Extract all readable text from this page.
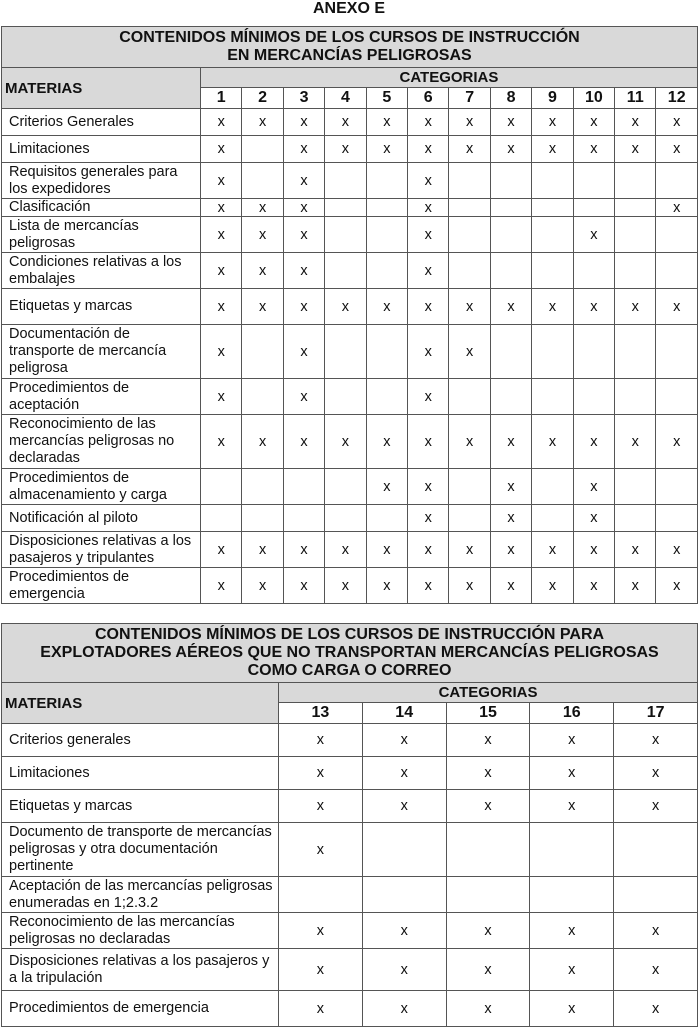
ANEXO E
CONTENIDOS MÍNIMOS DE LOS CURSOS DE INSTRUCCIÓN
EN MERCANCÍAS PELIGROSAS												

MATERIAS	CATEGORIAS											
	1	2	3	4	5	6	7	8	9	10	11	12
Criterios Generales	x	x	x	x	x	x	x	x	x	x	x	x
Limitaciones	x		x	x	x	x	x	x	x	x	x	x
Requisitos generales para los expedidores	x		x			x						
Clasificación	x	x	x			x						x
Lista de mercancías peligrosas	x	x	x			x				x		
Condiciones relativas a los embalajes	x	x	x			x						
Etiquetas y marcas	x	x	x	x	x	x	x	x	x	x	x	x
Documentación de transporte de mercancía peligrosa	x		x			x	x					
Procedimientos de aceptación	x		x			x						
Reconocimiento de las mercancías peligrosas no declaradas	x	x	x	x	x	x	x	x	x	x	x	x
Procedimientos de almacenamiento y carga					x	x		x		x		
Notificación al piloto						x		x		x		
Disposiciones relativas a los pasajeros y tripulantes	x	x	x	x	x	x	x	x	x	x	x	x
Procedimientos de emergencia	x	x	x	x	x	x	x	x	x	x	x	x
CONTENIDOS MÍNIMOS DE LOS CURSOS DE INSTRUCCIÓN PARA
EXPLOTADORES AÉREOS QUE NO TRANSPORTAN MERCANCÍAS PELIGROSAS
COMO CARGA O CORREO					

MATERIAS	CATEGORIAS				
	13	14	15	16	17
Criterios generales	x	x	x	x	x
Limitaciones	x	x	x	x	x
Etiquetas y marcas	x	x	x	x	x
Documento de transporte de mercancías peligrosas y otra documentación pertinente	x				
Aceptación de las mercancías peligrosas enumeradas en 1;2.3.2					
Reconocimiento de las mercancías peligrosas no declaradas	x	x	x	x	x
Disposiciones relativas a los pasajeros y a la tripulación	x	x	x	x	x
Procedimientos de emergencia	x	x	x	x	x
